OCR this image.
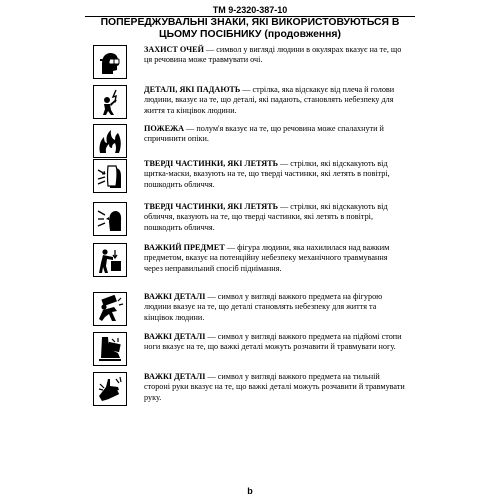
TM 9-2320-387-10
ПОПЕРЕДЖУВАЛЬНІ ЗНАКИ, ЯКІ ВИКОРИСТОВУЮТЬСЯ В ЦЬОМУ ПОСІБНИКУ (продовження)
ЗАХИСТ ОЧЕЙ — символ у вигляді людини в окулярах вказує на те, що ця речовина може травмувати очі.
ДЕТАЛІ, ЯКІ ПАДАЮТЬ — стрілка, яка відскакує від плеча й голови людини, вказує на те, що деталі, які падають, становлять небезпеку для життя та кінцівок людини.
ПОЖЕЖА — полум'я вказує на те, що речовина може спалахнути й спричинити опіки.
ТВЕРДІ ЧАСТИНКИ, ЯКІ ЛЕТЯТЬ — стрілки, які відскакують від щитка-маски, вказують на те, що тверді частинки, які летять в повітрі, пошкодить обличчя.
ТВЕРДІ ЧАСТИНКИ, ЯКІ ЛЕТЯТЬ — стрілки, які відскакують від обличчя, вказують на те, що тверді частинки, які летять в повітрі, пошкодить обличчя.
ВАЖКИЙ ПРЕДМЕТ — фігура людини, яка нахилилася над важким предметом, вказує на потенційну небезпеку механічного травмування через неправильний спосіб піднімання.
ВАЖКІ ДЕТАЛІ — символ у вигляді важкого предмета на фігурою людини вказує на те, що деталі становлять небезпеку для життя та кінцівок людини.
ВАЖКІ ДЕТАЛІ — символ у вигляді важкого предмета на підйомі стопи ноги вказує на те, що важкі деталі можуть розчавити й травмувати ногу.
ВАЖКІ ДЕТАЛІ — символ у вигляді важкого предмета на тильній стороні руки вказує на те, що важкі деталі можуть розчавити й травмувати руку.
b
